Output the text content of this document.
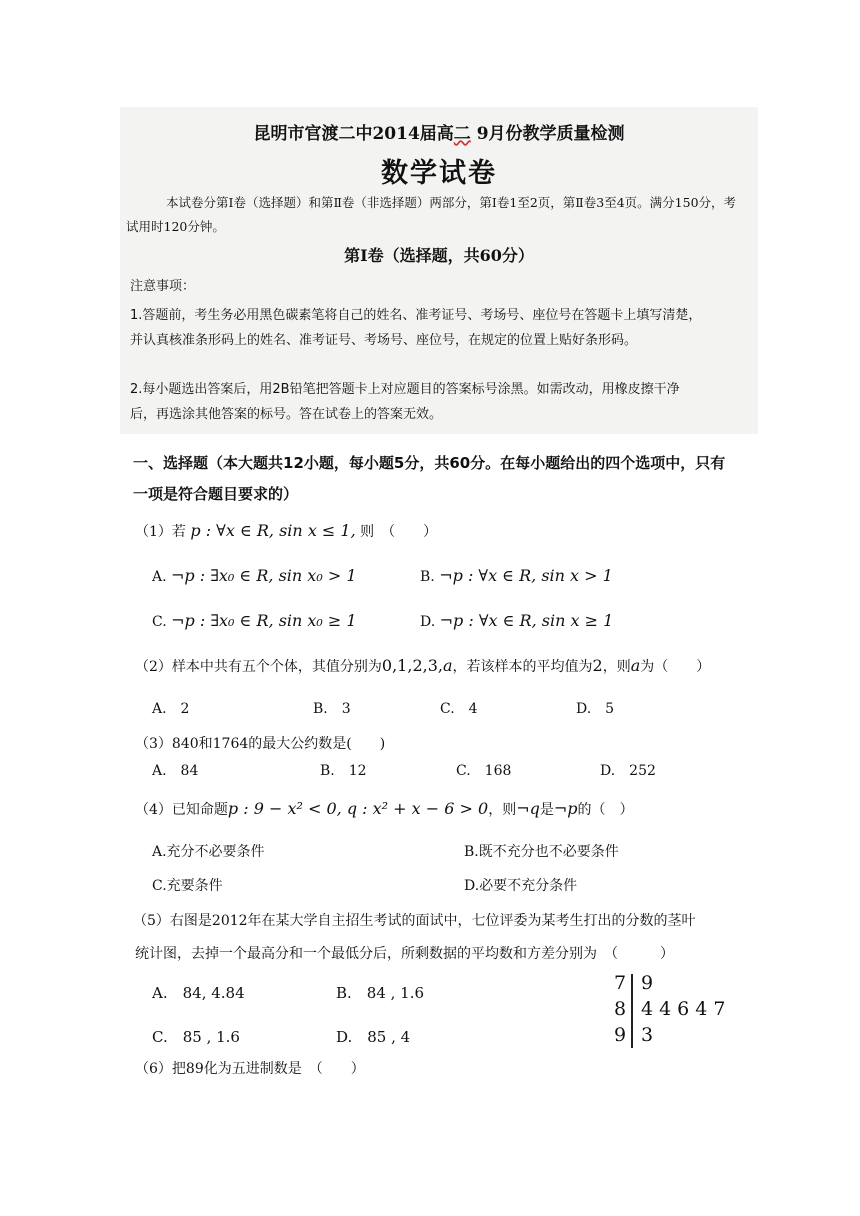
昆明市官渡二中2014届高二 9月份教学质量检测
数学试卷
本试卷分第Ⅰ卷（选择题）和第Ⅱ卷（非选择题）两部分，第Ⅰ卷1至2页，第Ⅱ卷3至4页。满分150分，考试用时120分钟。
第Ⅰ卷（选择题，共60分）
注意事项：
1.答题前，考生务必用黑色碳素笔将自己的姓名、准考证号、考场号、座位号在答题卡上填写清楚，并认真核准条形码上的姓名、准考证号、考场号、座位号，在规定的位置上贴好条形码。
2.每小题选出答案后，用2B铅笔把答题卡上对应题目的答案标号涂黑。如需改动，用橡皮擦干净后，再选涂其他答案的标号。答在试卷上的答案无效。
一、选择题（本大题共12小题，每小题5分，共60分。在每小题给出的四个选项中，只有一项是符合题目要求的）
（1）若 p : ∀x ∈ R, sin x ≤ 1, 则　（　　）
A. ¬p : ∃x₀ ∈ R, sin x₀ > 1	B. ¬p : ∀x ∈ R, sin x > 1
C. ¬p : ∃x₀ ∈ R, sin x₀ ≥ 1	D. ¬p : ∀x ∈ R, sin x ≥ 1
（2）样本中共有五个个体，其值分别为0,1,2,3,a，若该样本的平均值为2，则a为（　　）
A.　2	B.　3	C.　4	D.　5
（3）840和1764的最大公约数是(　　)
A.　84	B.　12	C.　168	D.　252
（4）已知命题p : 9 − x² < 0, q : x² + x − 6 > 0，则¬q是¬p的（　）
A.充分不必要条件	B.既不充分也不必要条件
C.充要条件	D.必要不充分条件
（5）右图是2012年在某大学自主招生考试的面试中，七位评委为某考生打出的分数的茎叶
统计图，去掉一个最高分和一个最低分后，所剩数据的平均数和方差分别为　（　　　）
A.　84, 4.84	B.　84 , 1.6
C.　85 , 1.6	D.　85 , 4
7 9
8 44647
9 3
（6）把89化为五进制数是　（　　）
